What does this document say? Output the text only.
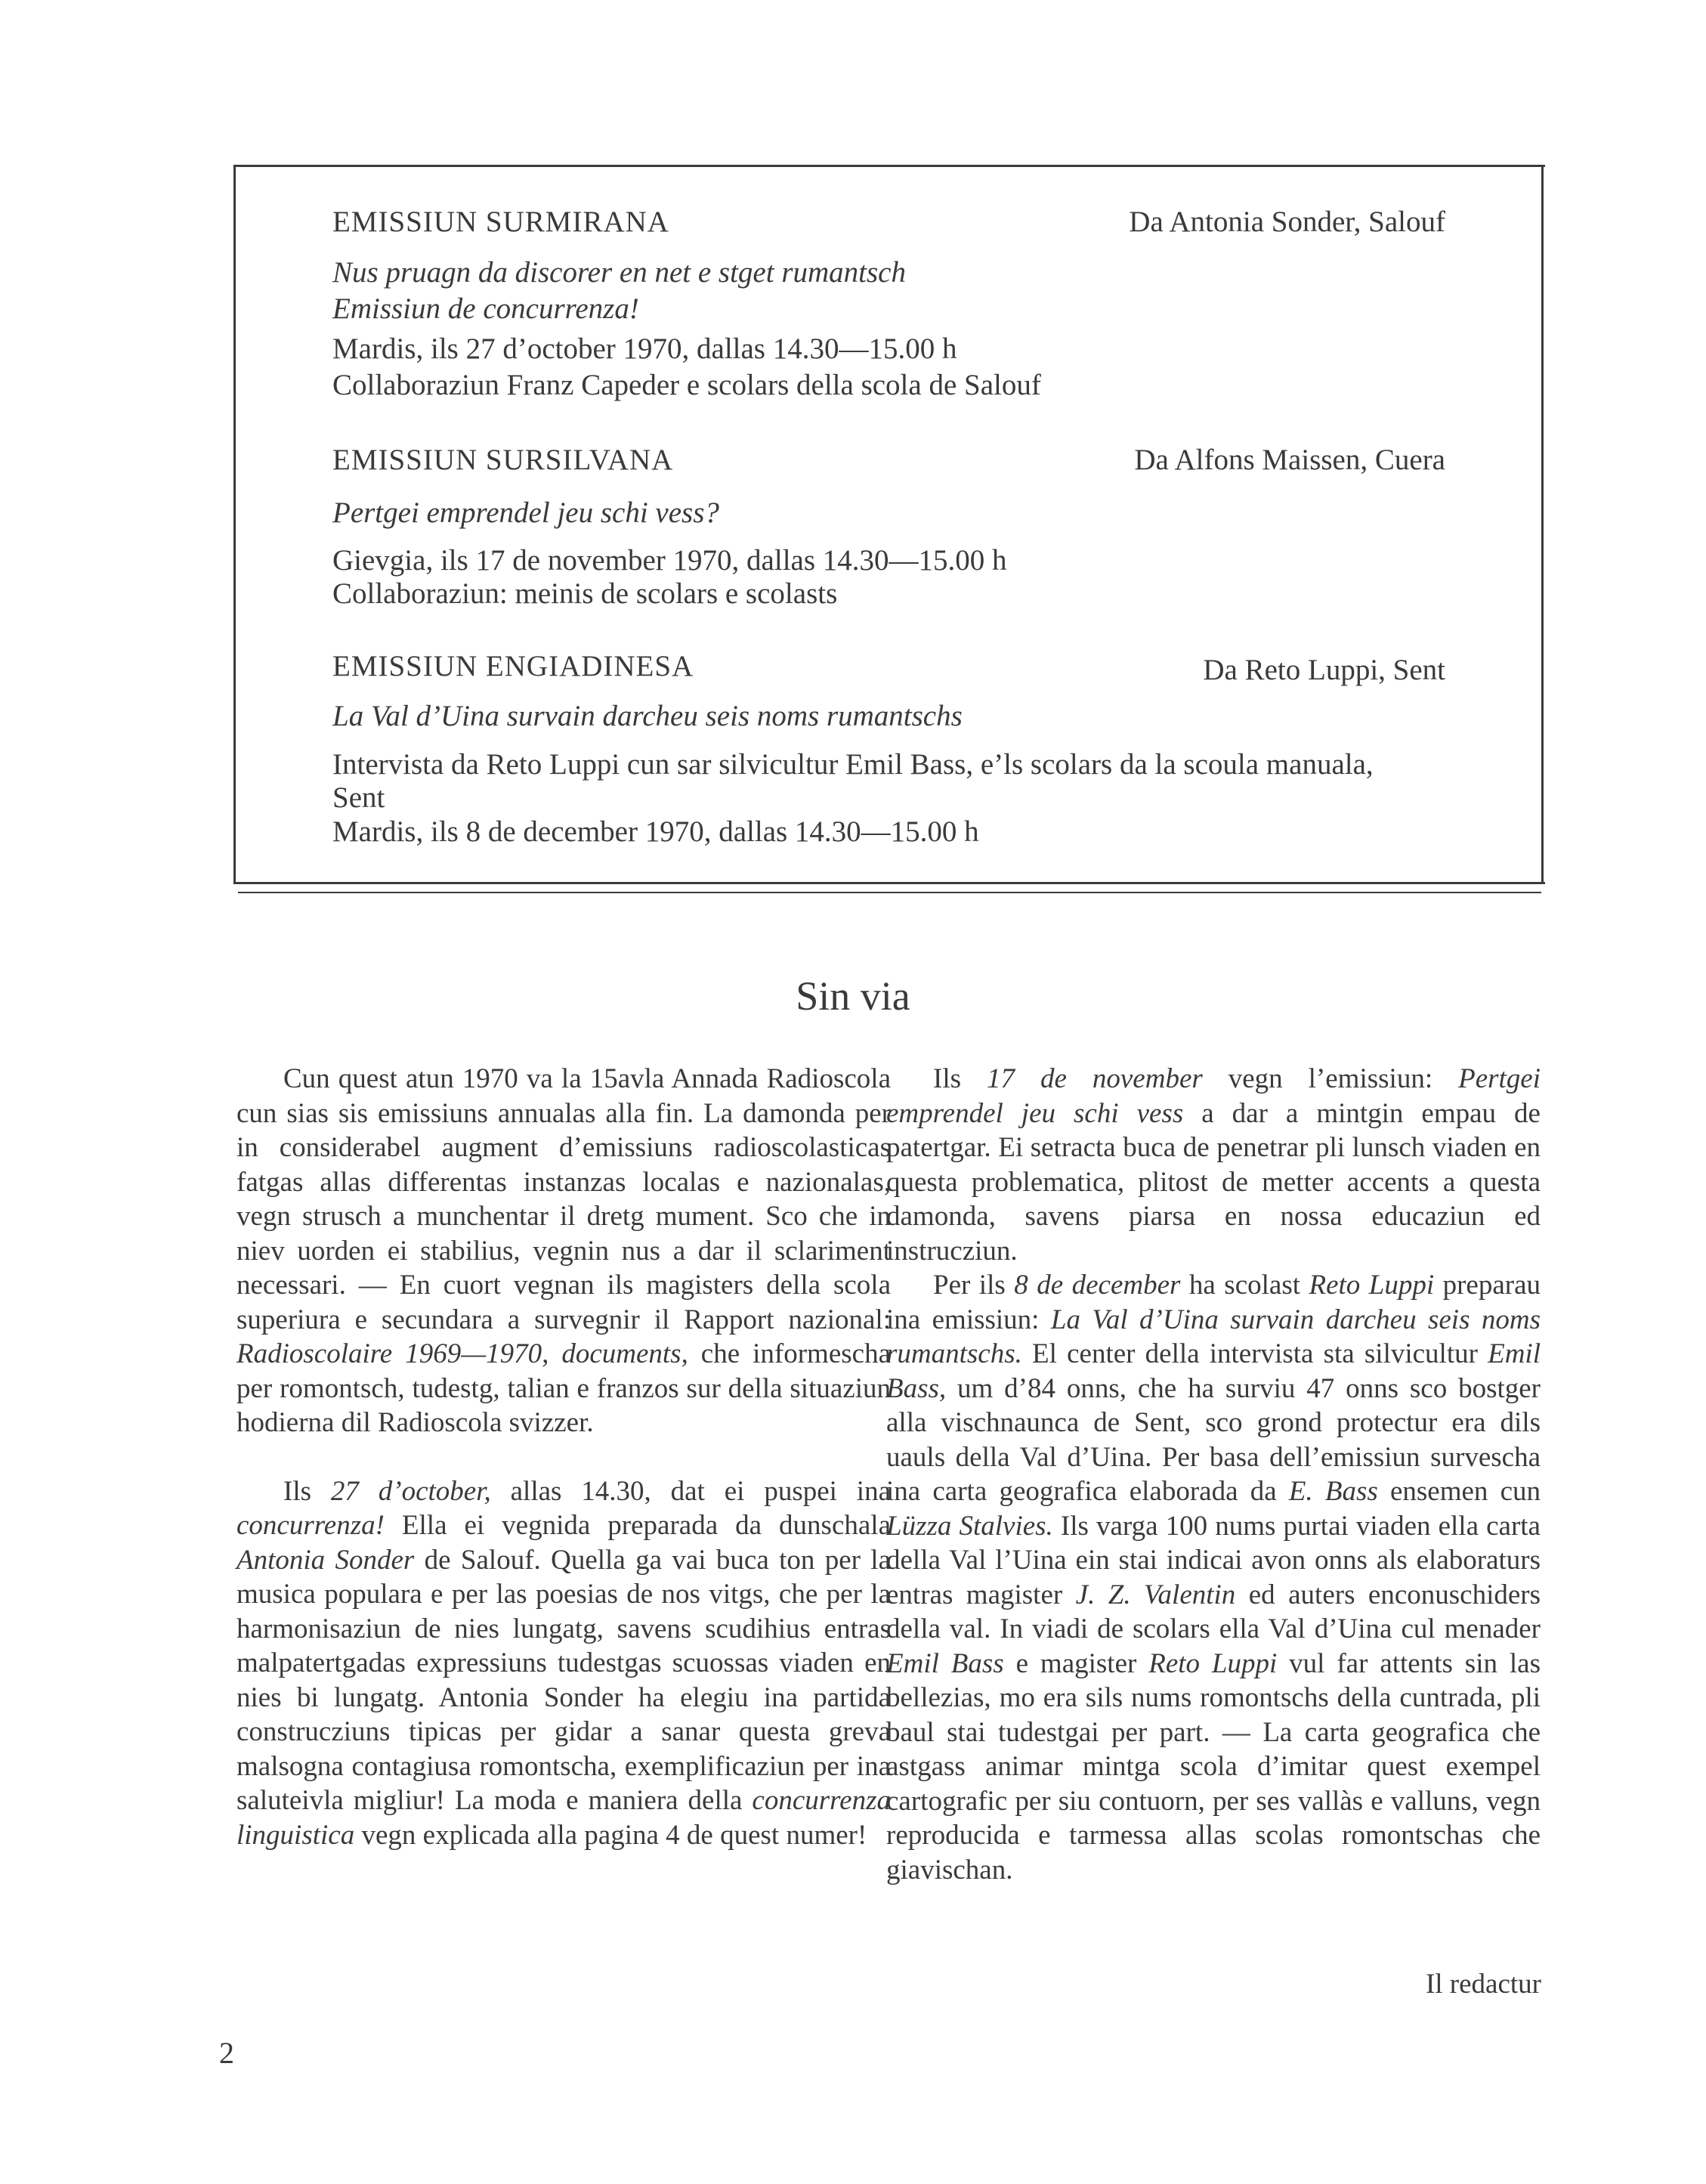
EMISSIUN SURMIRANA	Da Antonia Sonder, Salouf
Nus pruagn da discorer en net e stget rumantsch
Emissiun de concurrenza!
Mardis, ils 27 d’october 1970, dallas 14.30—15.00 h
Collaboraziun Franz Capeder e scolars della scola de Salouf
EMISSIUN SURSILVANA	Da Alfons Maissen, Cuera
Pertgei emprendel jeu schi vess?
Gievgia, ils 17 de november 1970, dallas 14.30—15.00 h
Collaboraziun: meinis de scolars e scolasts
EMISSIUN ENGIADINESA	Da Reto Luppi, Sent
La Val d’Uina survain darcheu seis noms rumantschs
Intervista da Reto Luppi cun sar silvicultur Emil Bass, e’ls scolars da la scoula manuala,
Sent
Mardis, ils 8 de december 1970, dallas 14.30—15.00 h
Sin via

Cun quest atun 1970 va la 15avla Annada Radioscola cun sias sis emissiuns annualas alla fin. La damonda per in considerabel augment d’emissiuns radioscolasticas fatgas allas differentas instanzas localas e nazionalas, vegn strusch a munchentar il dretg mument. Sco che in niev uorden ei stabilius, vegnin nus a dar il sclariment necessari. — En cuort vegnan ils magisters della scola superiura e secundara a survegnir il Rapport nazional: Radioscolaire 1969—1970, documents, che informescha per romontsch, tudestg, talian e franzos sur della situaziun hodierna dil Radioscola svizzer.

Ils 27 d’october, allas 14.30, dat ei puspei ina concurrenza! Ella ei vegnida preparada da dunschala Antonia Sonder de Salouf. Quella ga vai buca ton per la musica populara e per las poesias de nos vitgs, che per la harmonisaziun de nies lungatg, savens scudihius entras malpatertgadas expressiuns tudestgas scuossas viaden en nies bi lungatg. Antonia Sonder ha elegiu ina partida construcziuns tipicas per gidar a sanar questa greva malsogna contagiusa romontscha, exemplificaziun per ina saluteivla migliur! La moda e maniera della concurrenza linguistica vegn explicada alla pagina 4 de quest numer!

Ils 17 de november vegn l’emissiun: Pertgei emprendel jeu schi vess a dar a mintgin empau de patertgar. Ei setracta buca de penetrar pli lunsch viaden en questa problematica, plitost de metter accents a questa damonda, savens piarsa en nossa educaziun ed instrucziun.

Per ils 8 de december ha scolast Reto Luppi preparau ina emissiun: La Val d’Uina survain darcheu seis noms rumantschs. El center della intervista sta silvicultur Emil Bass, um d’84 onns, che ha surviu 47 onns sco bostger alla vischnaunca de Sent, sco grond protectur era dils uauls della Val d’Uina. Per basa dell’emissiun survescha ina carta geografica elaborada da E. Bass ensemen cun Lüzza Stalvies. Ils varga 100 nums purtai viaden ella carta della Val l’Uina ein stai indicai avon onns als elaboraturs entras magister J. Z. Valentin ed auters enconuschiders della val. In viadi de scolars ella Val d’Uina cul menader Emil Bass e magister Reto Luppi vul far attents sin las bellezias, mo era sils nums romontschs della cuntrada, pli baul stai tudestgai per part. — La carta geografica che astgass animar mintga scola d’imitar quest exempel cartografic per siu contuorn, per ses vallàs e valluns, vegn reproducida e tarmessa allas scolas romontschas che giavischan.

Il redactur
2
